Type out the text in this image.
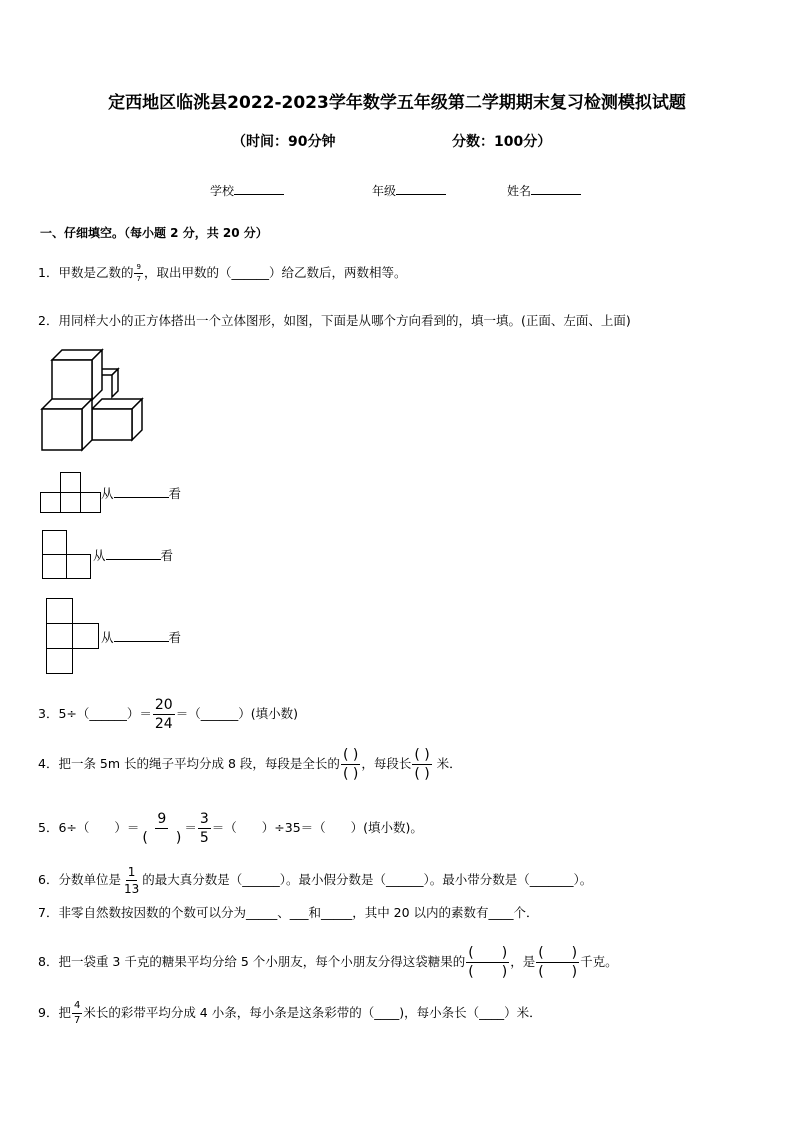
定西地区临洮县2022-2023学年数学五年级第二学期期末复习检测模拟试题
（时间：90分钟	分数：100分）
学校	年级	姓名
一、仔细填空。（每小题 2 分，共 20 分）
1．甲数是乙数的 $\frac{9}{7}$ ，取出甲数的（______）给乙数后，两数相等。
2．用同样大小的正方体搭出一个立体图形，如图，下面是从哪个方向看到的，填一填。(正面、左面、上面)
从	看
从	看
从	看
3．5÷（______）＝ $\frac{20}{24}$ ＝（______）(填小数)
4．把一条 5m 长的绳子平均分成 8 段，每段是全长的 $\frac{( )}{( )}$ ，每段长 $\frac{( )}{( )}$ 米．
5．6÷（　　）＝ $\frac{9}{( )} = \frac{3}{5}$ ＝（　　）÷35＝（　　）(填小数)。
6．分数单位是 $\frac{1}{13}$ 的最大真分数是（______）。最小假分数是（______）。最小带分数是（_______）。
7．非零自然数按因数的个数可以分为_____、___和_____，其中 20 以内的素数有____个．
8．把一袋重 3 千克的糖果平均分给 5 个小朋友，每个小朋友分得这袋糖果的 $\frac{( )}{( )}$ ，是 $\frac{( )}{( )}$ 千克。
9．把 $\frac{4}{7}$ 米长的彩带平均分成 4 小条，每小条是这条彩带的（____)，每小条长（____）米．
